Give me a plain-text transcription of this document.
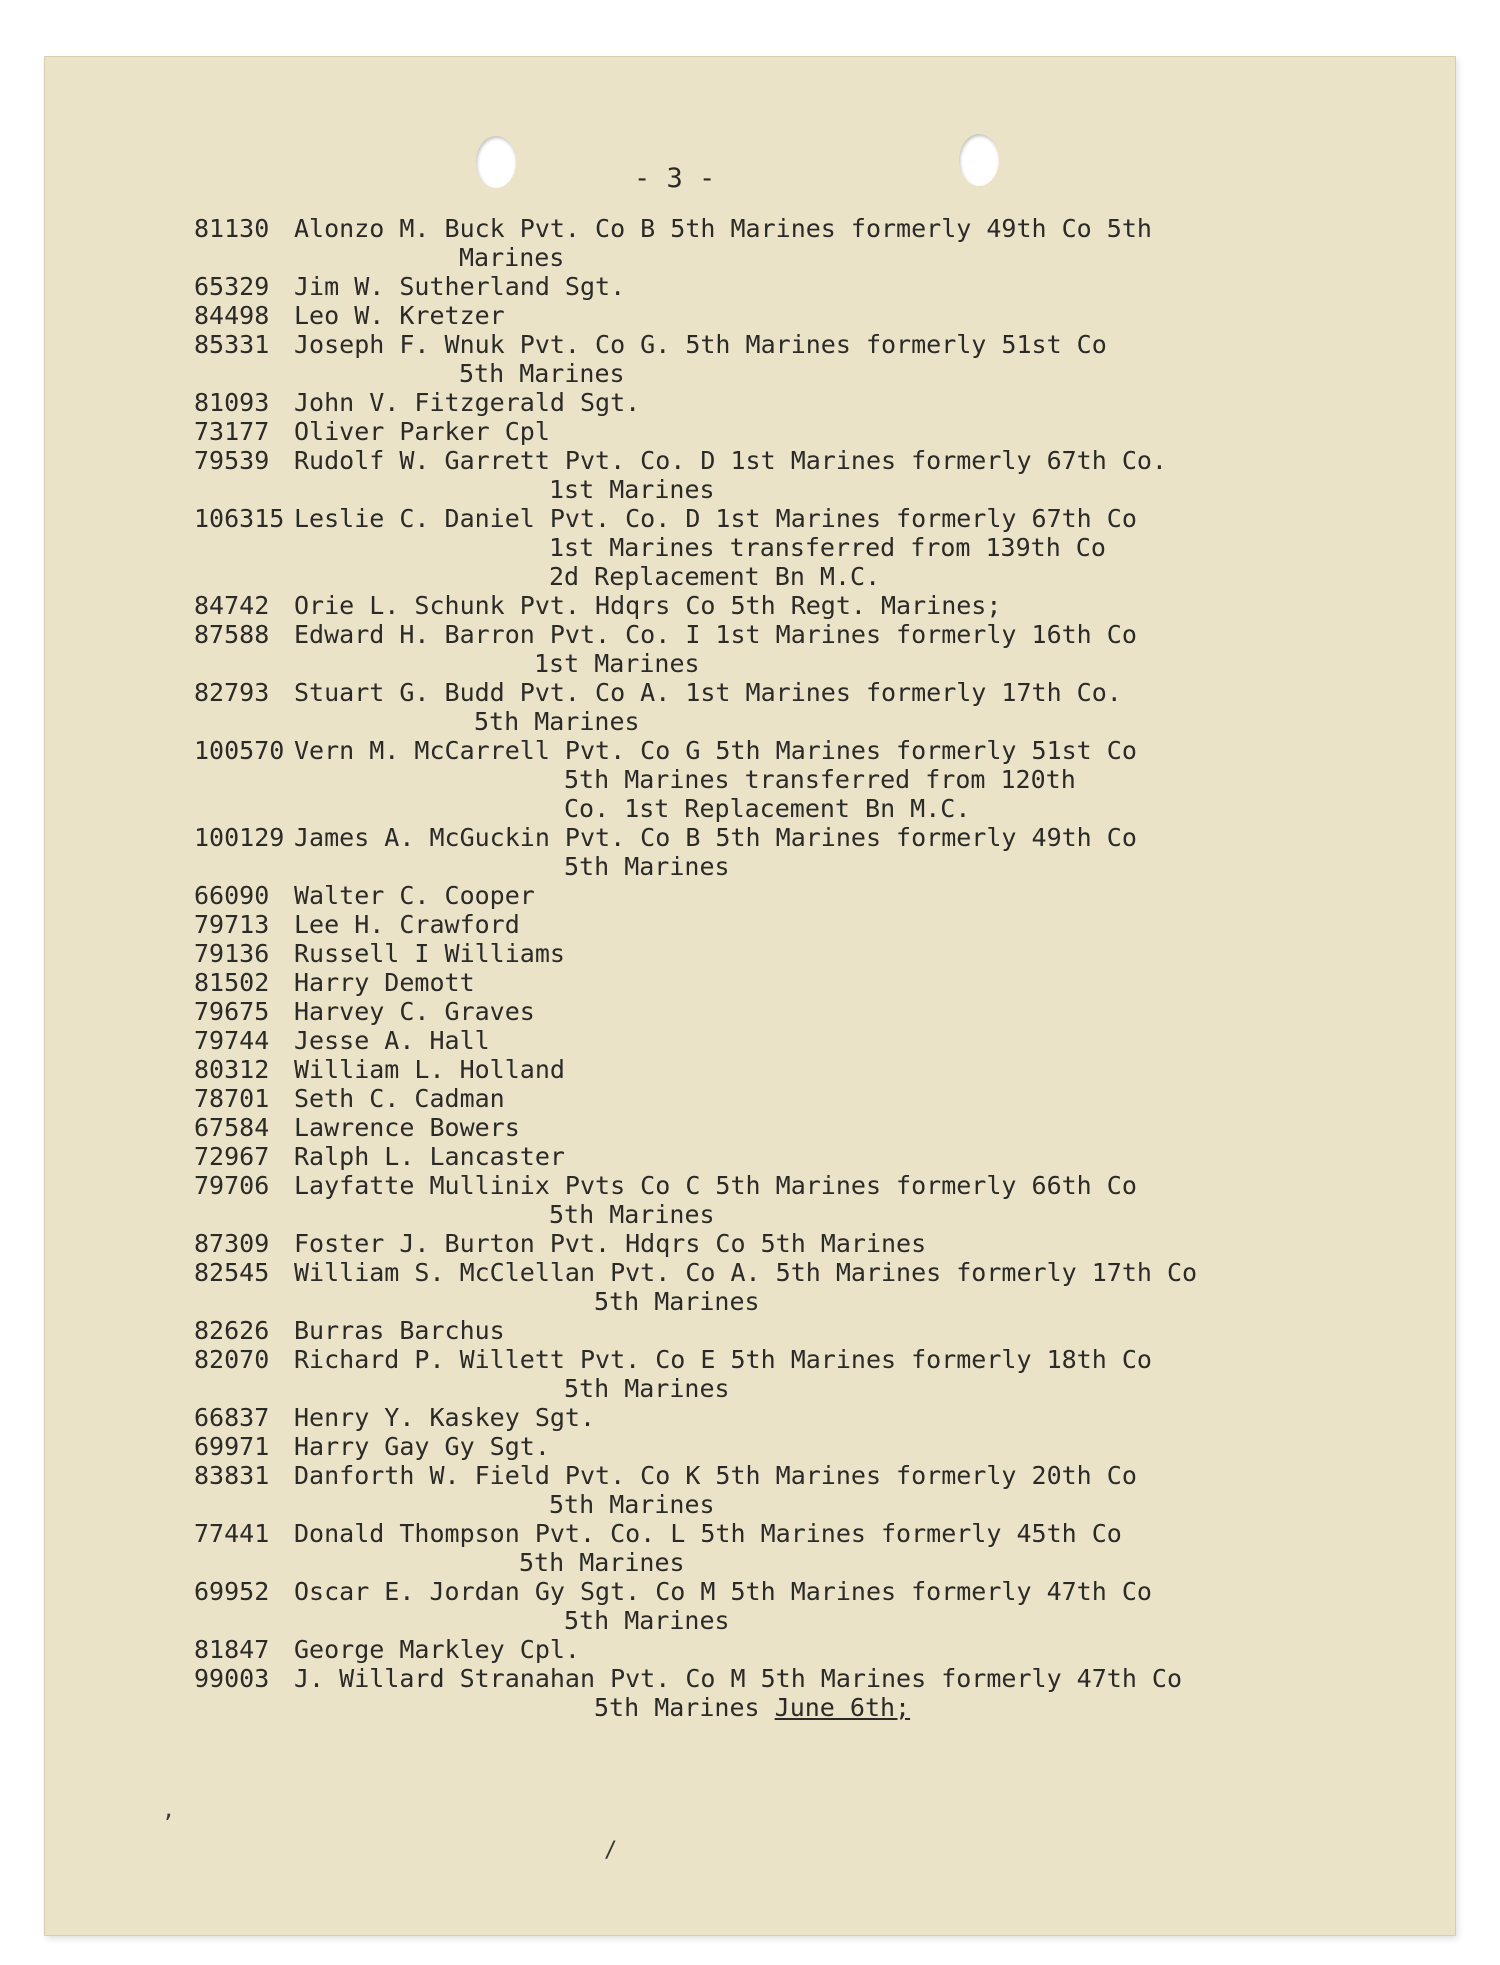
- 3 -
81130 Alonzo M. Buck Pvt. Co B 5th Marines formerly 49th Co 5th
Marines
65329 Jim W. Sutherland Sgt.
84498 Leo W. Kretzer
85331 Joseph F. Wnuk Pvt. Co G. 5th Marines formerly 51st Co
5th Marines
81093 John V. Fitzgerald Sgt.
73177 Oliver Parker Cpl
79539 Rudolf W. Garrett Pvt. Co. D 1st Marines formerly 67th Co.
1st Marines
106315 Leslie C. Daniel Pvt. Co. D 1st Marines formerly 67th Co
1st Marines transferred from 139th Co
2d Replacement Bn M.C.
84742 Orie L. Schunk Pvt. Hdqrs Co 5th Regt. Marines;
87588 Edward H. Barron Pvt. Co. I 1st Marines formerly 16th Co
1st Marines
82793 Stuart G. Budd Pvt. Co A. 1st Marines formerly 17th Co.
5th Marines
100570 Vern M. McCarrell Pvt. Co G 5th Marines formerly 51st Co
5th Marines transferred from 120th
Co. 1st Replacement Bn M.C.
100129 James A. McGuckin Pvt. Co B 5th Marines formerly 49th Co
5th Marines
66090 Walter C. Cooper
79713 Lee H. Crawford
79136 Russell I Williams
81502 Harry Demott
79675 Harvey C. Graves
79744 Jesse A. Hall
80312 William L. Holland
78701 Seth C. Cadman
67584 Lawrence Bowers
72967 Ralph L. Lancaster
79706 Layfatte Mullinix Pvts Co C 5th Marines formerly 66th Co
5th Marines
87309 Foster J. Burton Pvt. Hdqrs Co 5th Marines
82545 William S. McClellan Pvt. Co A. 5th Marines formerly 17th Co
5th Marines
82626 Burras Barchus
82070 Richard P. Willett Pvt. Co E 5th Marines formerly 18th Co
5th Marines
66837 Henry Y. Kaskey Sgt.
69971 Harry Gay Gy Sgt.
83831 Danforth W. Field Pvt. Co K 5th Marines formerly 20th Co
5th Marines
77441 Donald Thompson Pvt. Co. L 5th Marines formerly 45th Co
5th Marines
69952 Oscar E. Jordan Gy Sgt. Co M 5th Marines formerly 47th Co
5th Marines
81847 George Markley Cpl.
99003 J. Willard Stranahan Pvt. Co M 5th Marines formerly 47th Co
5th Marines June 6th;
/
,
